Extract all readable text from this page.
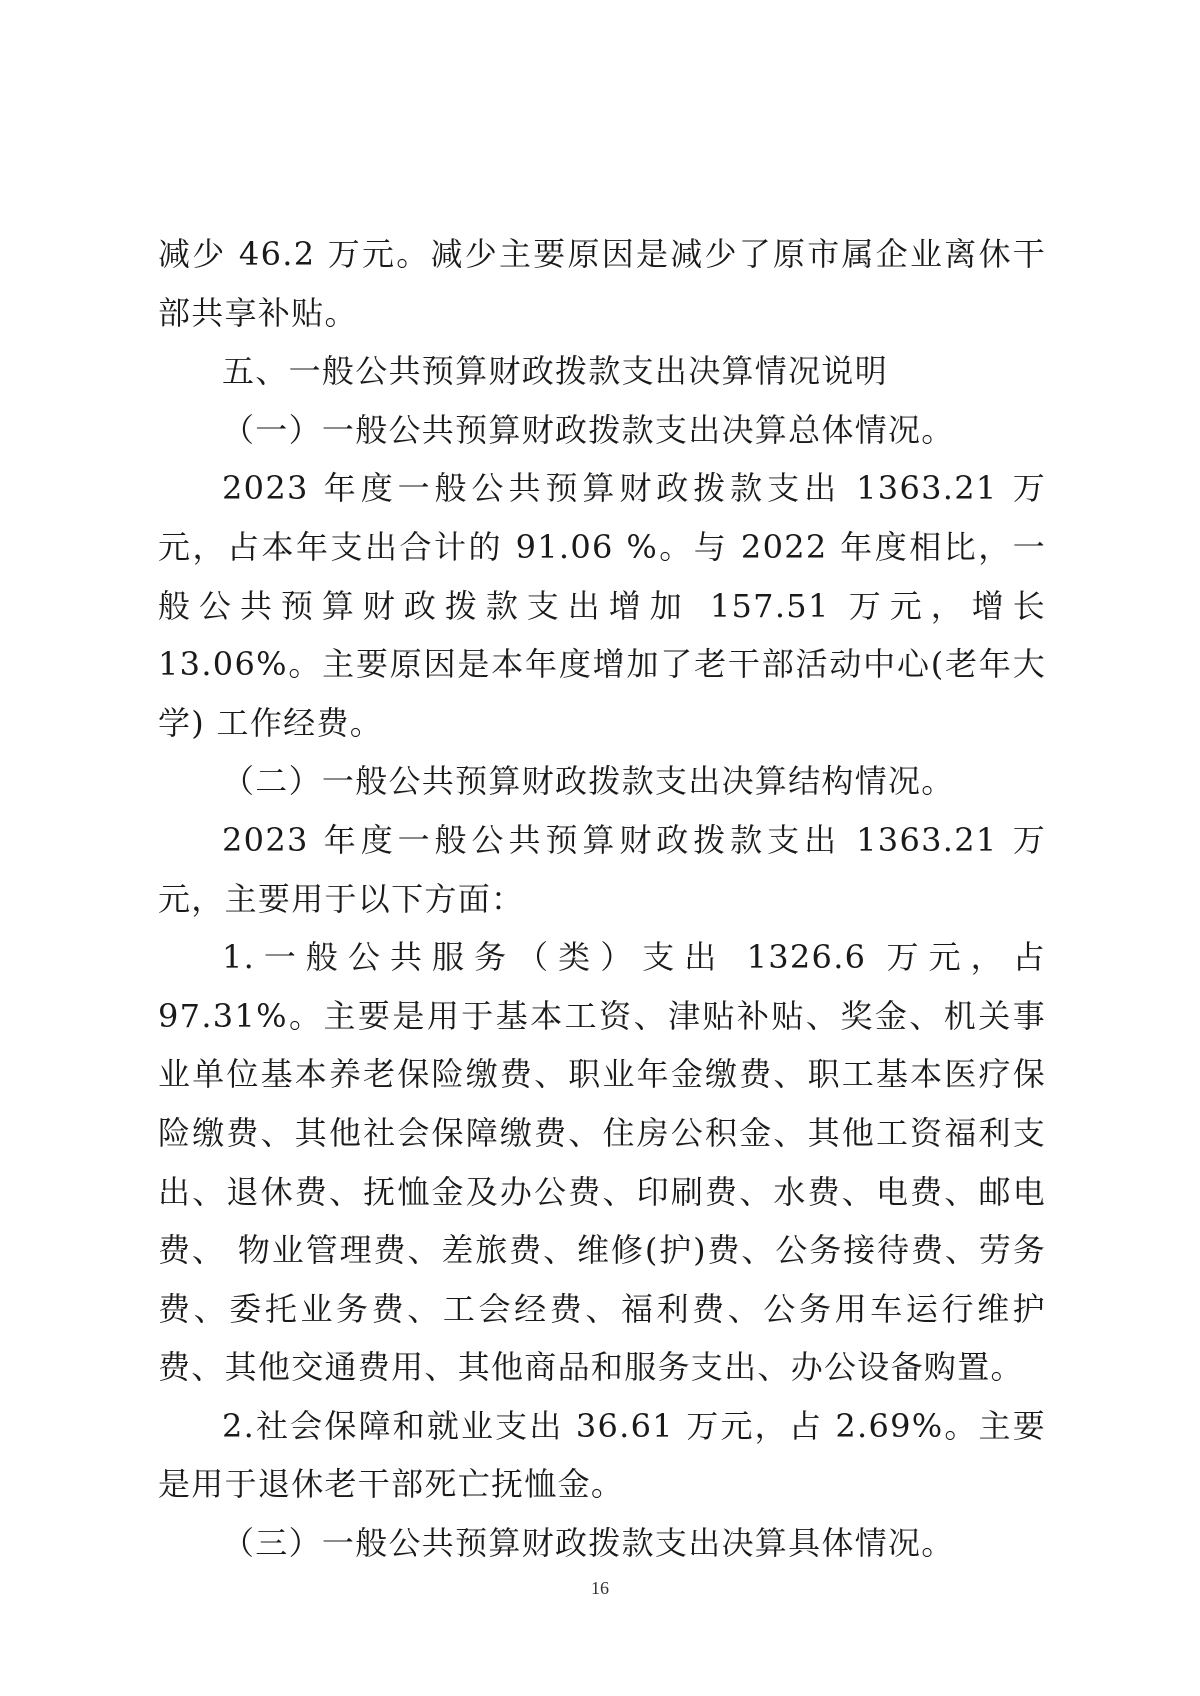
减少 46.2 万元。减少主要原因是减少了原市属企业离休干部共享补贴。

五、一般公共预算财政拨款支出决算情况说明

（一）一般公共预算财政拨款支出决算总体情况。

2023 年度一般公共预算财政拨款支出 1363.21 万元，占本年支出合计的 91.06 %。与 2022 年度相比，一般公共预算财政拨款支出增加 157.51 万元，增长 13.06%。主要原因是本年度增加了老干部活动中心(老年大学) 工作经费。

（二）一般公共预算财政拨款支出决算结构情况。

2023 年度一般公共预算财政拨款支出 1363.21 万元，主要用于以下方面：

1.一般公共服务（类）支出 1326.6 万元，占 97.31%。主要是用于基本工资、津贴补贴、奖金、机关事业单位基本养老保险缴费、职业年金缴费、职工基本医疗保险缴费、其他社会保障缴费、住房公积金、其他工资福利支出、退休费、抚恤金及办公费、印刷费、水费、电费、邮电费、 物业管理费、差旅费、维修(护)费、公务接待费、劳务费、委托业务费、工会经费、福利费、公务用车运行维护费、其他交通费用、其他商品和服务支出、办公设备购置。

2.社会保障和就业支出 36.61 万元，占 2.69%。主要是用于退休老干部死亡抚恤金。

（三）一般公共预算财政拨款支出决算具体情况。

16
